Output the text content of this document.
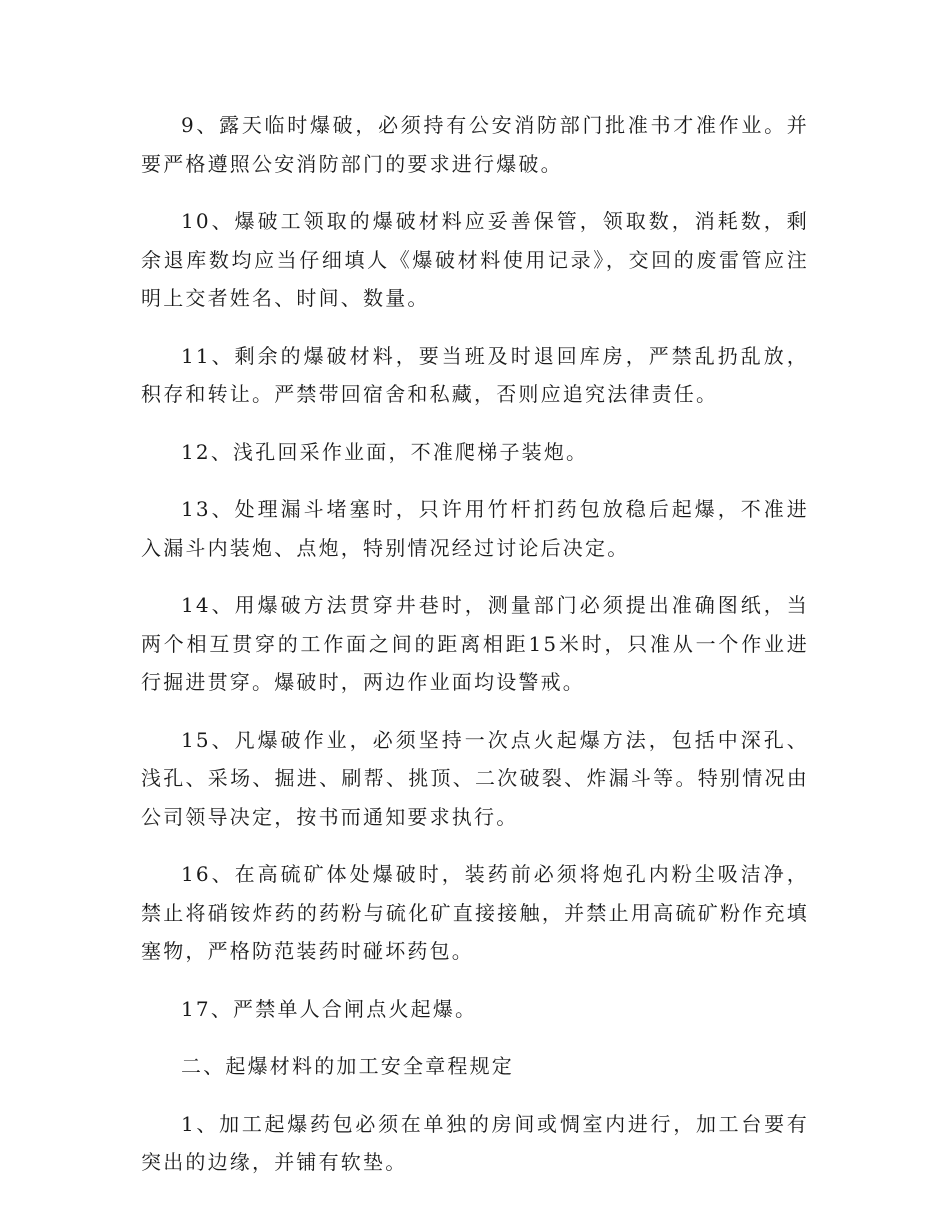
9、露天临时爆破，必须持有公安消防部门批准书才准作业。并要严格遵照公安消防部门的要求进行爆破。

10、爆破工领取的爆破材料应妥善保管，领取数，消耗数，剩余退库数均应当仔细填人《爆破材料使用记录》，交回的废雷管应注明上交者姓名、时间、数量。

11、剩余的爆破材料，要当班及时退回库房，严禁乱扔乱放，积存和转让。严禁带回宿舍和私藏，否则应追究法律责任。

12、浅孔回采作业面，不准爬梯子装炮。

13、处理漏斗堵塞时，只许用竹杆扪药包放稳后起爆，不准进入漏斗内装炮、点炮，特别情况经过讨论后决定。

14、用爆破方法贯穿井巷时，测量部门必须提出准确图纸，当两个相互贯穿的工作面之间的距离相距15米时，只准从一个作业进行掘进贯穿。爆破时，两边作业面均设警戒。

15、凡爆破作业，必须坚持一次点火起爆方法，包括中深孔、浅孔、采场、掘进、刷帮、挑顶、二次破裂、炸漏斗等。特别情况由公司领导决定，按书而通知要求执行。

16、在高硫矿体处爆破时，装药前必须将炮孔内粉尘吸洁净，禁止将硝铵炸药的药粉与硫化矿直接接触，并禁止用高硫矿粉作充填塞物，严格防范装药时碰坏药包。

17、严禁单人合闸点火起爆。

二、起爆材料的加工安全章程规定

1、加工起爆药包必须在单独的房间或惆室内进行，加工台要有突出的边缘，并铺有软垫。
